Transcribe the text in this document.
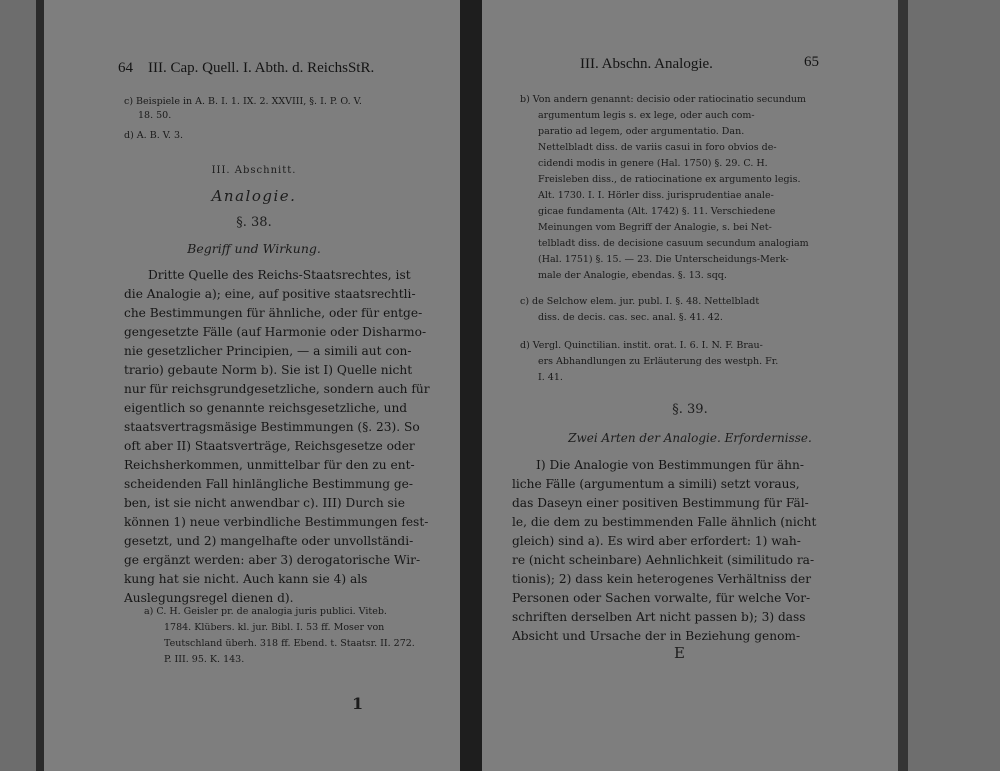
64 III. Cap. Quell. I. Abth. d. ReichsStR.
c) Beispiele in A. B. I. 1. IX. 2. XXVIII, §. I. P. O. V.
18. 50.
d) A. B. V. 3.
III. Abschnitt.
Analogie.
§. 38.
Begriff und Wirkung.
Dritte Quelle des Reichs-Staatsrechtes, ist
die Analogie a); eine, auf positive staatsrechtli-
che Bestimmungen für ähnliche, oder für entge-
gengesetzte Fälle (auf Harmonie oder Disharmo-
nie gesetzlicher Principien, — a simili aut con-
trario) gebaute Norm b). Sie ist I) Quelle nicht
nur für reichsgrundgesetzliche, sondern auch für
eigentlich so genannte reichsgesetzliche, und
staatsvertragsmäsige Bestimmungen (§. 23). So
oft aber II) Staatsverträge, Reichsgesetze oder
Reichsherkommen, unmittelbar für den zu ent-
scheidenden Fall hinlängliche Bestimmung ge-
ben, ist sie nicht anwendbar c). III) Durch sie
können 1) neue verbindliche Bestimmungen fest-
gesetzt, und 2) mangelhafte oder unvollständi-
ge ergänzt werden: aber 3) derogatorische Wir-
kung hat sie nicht. Auch kann sie 4) als
Auslegungsregel dienen d).
a) C. H. Geisler pr. de analogia juris publici. Viteb.
1784. Klübers. kl. jur. Bibl. I. 53 ff. Moser von
Teutschland überh. 318 ff. Ebend. t. Staatsr. II. 272.
P. III. 95. K. 143.
1
III. Abschn. Analogie.	65
b) Von andern genannt: decisio oder ratiocinatio secundum
argumentum legis s. ex lege, oder auch com-
paratio ad legem, oder argumentatio. Dan.
Nettelbladt diss. de variis casui in foro obvios de-
cidendi modis in genere (Hal. 1750) §. 29. C. H.
Freisleben diss., de ratiocinatione ex argumento legis.
Alt. 1730. I. I. Hörler diss. jurisprudentiae anale-
gicae fundamenta (Alt. 1742) §. 11. Verschiedene
Meinungen vom Begriff der Analogie, s. bei Net-
telbladt diss. de decisione casuum secundum analogiam
(Hal. 1751) §. 15. — 23. Die Unterscheidungs-Merk-
male der Analogie, ebendas. §. 13. sqq.
c) de Selchow elem. jur. publ. I. §. 48. Nettelbladt
diss. de decis. cas. sec. anal. §. 41. 42.
d) Vergl. Quinctilian. instit. orat. I. 6. I. N. F. Brau-
ers Abhandlungen zu Erläuterung des westph. Fr.
I. 41.
§. 39.
Zwei Arten der Analogie. Erfordernisse.
I) Die Analogie von Bestimmungen für ähn-
liche Fälle (argumentum a simili) setzt voraus,
das Daseyn einer positiven Bestimmung für Fäl-
le, die dem zu bestimmenden Falle ähnlich (nicht
gleich) sind a). Es wird aber erfordert: 1) wah-
re (nicht scheinbare) Aehnlichkeit (similitudo ra-
tionis); 2) dass kein heterogenes Verhältniss der
Personen oder Sachen vorwalte, für welche Vor-
schriften derselben Art nicht passen b); 3) dass
Absicht und Ursache der in Beziehung genom-
E
